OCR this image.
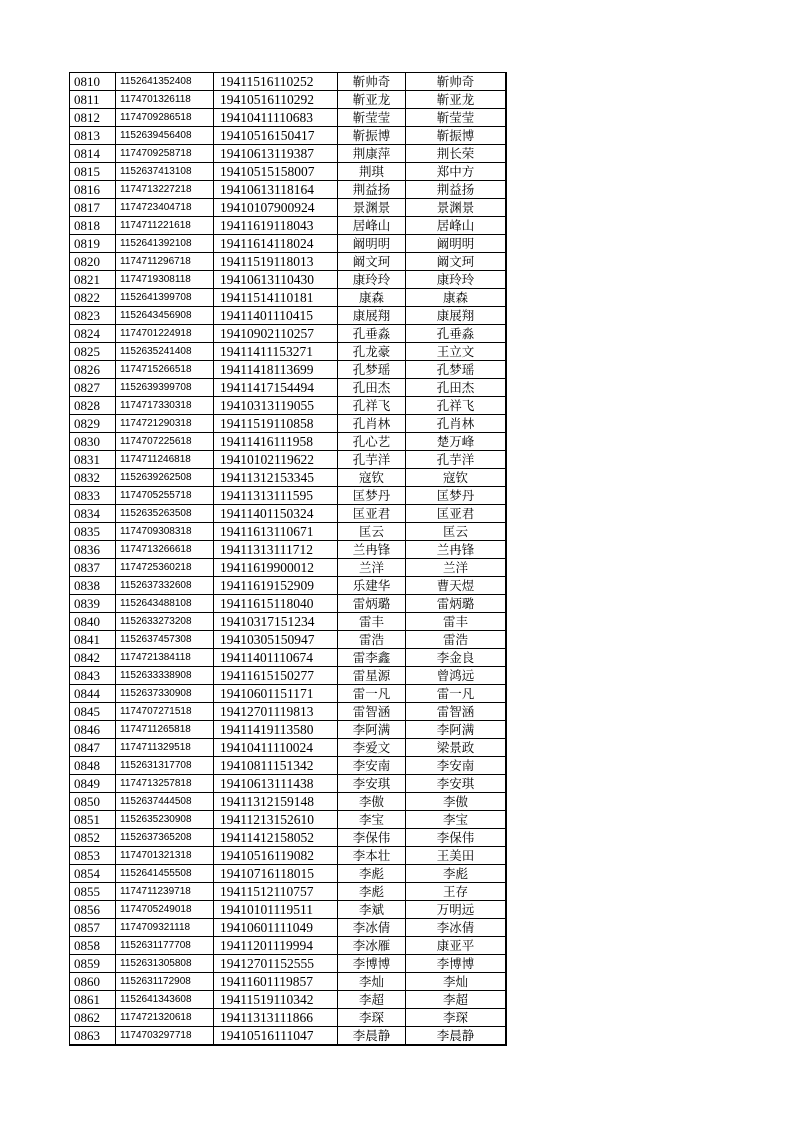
0810	1152641352408	19411516110252	靳帅奇	靳帅奇
0811	1174701326118	19410516110292	靳亚龙	靳亚龙
0812	1174709286518	19410411110683	靳莹莹	靳莹莹
0813	1152639456408	19410516150417	靳振博	靳振博
0814	1174709258718	19410613119387	荆康萍	荆长荣
0815	1152637413108	19410515158007	荆琪	郑中方
0816	1174713227218	19410613118164	荆益扬	荆益扬
0817	1174723404718	19410107900924	景渊景	景渊景
0818	1174711221618	19411619118043	居峰山	居峰山
0819	1152641392108	19411614118024	阚明明	阚明明
0820	1174711296718	19411519118013	阚文珂	阚文珂
0821	1174719308118	19410613110430	康玲玲	康玲玲
0822	1152641399708	19411514110181	康森	康森
0823	1152643456908	19411401110415	康展翔	康展翔
0824	1174701224918	19410902110257	孔垂淼	孔垂淼
0825	1152635241408	19411411153271	孔龙豪	王立文
0826	1174715266518	19411418113699	孔梦瑶	孔梦瑶
0827	1152639399708	19411417154494	孔田杰	孔田杰
0828	1174717330318	19410313119055	孔祥飞	孔祥飞
0829	1174721290318	19411519110858	孔肖林	孔肖林
0830	1174707225618	19411416111958	孔心艺	楚万峰
0831	1174711246818	19410102119622	孔芋洋	孔芋洋
0832	1152639262508	19411312153345	寇钦	寇钦
0833	1174705255718	19411313111595	匡梦丹	匡梦丹
0834	1152635263508	19411401150324	匡亚君	匡亚君
0835	1174709308318	19411613110671	匡云	匡云
0836	1174713266618	19411313111712	兰冉锋	兰冉锋
0837	1174725360218	19411619900012	兰洋	兰洋
0838	1152637332608	19411619152909	乐建华	曹天煜
0839	1152643488108	19411615118040	雷炳璐	雷炳璐
0840	1152633273208	19410317151234	雷丰	雷丰
0841	1152637457308	19410305150947	雷浩	雷浩
0842	1174721384118	19411401110674	雷李鑫	李金良
0843	1152633338908	19411615150277	雷星源	曾鸿远
0844	1152637330908	19410601151171	雷一凡	雷一凡
0845	1174707271518	19412701119813	雷智涵	雷智涵
0846	1174711265818	19411419113580	李阿满	李阿满
0847	1174711329518	19410411110024	李爱文	梁景政
0848	1152631317708	19410811151342	李安南	李安南
0849	1174713257818	19410613111438	李安琪	李安琪
0850	1152637444508	19411312159148	李傲	李傲
0851	1152635230908	19411213152610	李宝	李宝
0852	1152637365208	19411412158052	李保伟	李保伟
0853	1174701321318	19410516119082	李本壮	王美田
0854	1152641455508	19410716118015	李彪	李彪
0855	1174711239718	19411512110757	李彪	王存
0856	1174705249018	19410101119511	李斌	万明远
0857	1174709321118	19410601111049	李冰倩	李冰倩
0858	1152631177708	19411201119994	李冰雁	康亚平
0859	1152631305808	19412701152555	李博博	李博博
0860	1152631172908	19411601119857	李灿	李灿
0861	1152641343608	19411519110342	李超	李超
0862	1174721320618	19411313111866	李琛	李琛
0863	1174703297718	19410516111047	李晨静	李晨静
